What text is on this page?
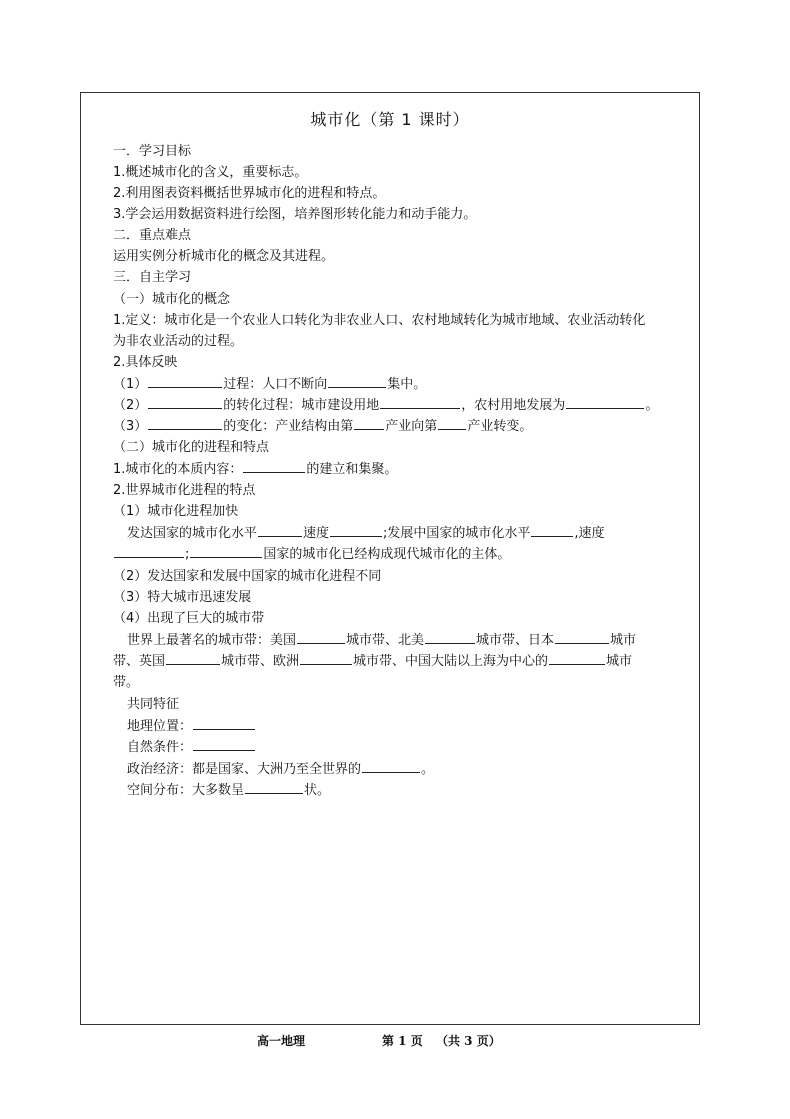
城市化（第 1 课时）
一．学习目标
1.概述城市化的含义，重要标志。
2.利用图表资料概括世界城市化的进程和特点。
3.学会运用数据资料进行绘图，培养图形转化能力和动手能力。
二．重点难点
运用实例分析城市化的概念及其进程。
三．自主学习
（一）城市化的概念
1.定义：城市化是一个农业人口转化为非农业人口、农村地域转化为城市地域、农业活动转化
为非农业活动的过程。
2.具体反映
（1）	过程：人口不断向	集中。
（2）	的转化过程：城市建设用地	，农村用地发展为	。
（3）	的变化：产业结构由第 产业向第 产业转变。
（二）城市化的进程和特点
1.城市化的本质内容：	的建立和集聚。
2.世界城市化进程的特点
（1）城市化进程加快
发达国家的城市化水平	速度	;发展中国家的城市化水平	,速度
;	国家的城市化已经构成现代城市化的主体。
（2）发达国家和发展中国家的城市化进程不同
（3）特大城市迅速发展
（4）出现了巨大的城市带
世界上最著名的城市带：美国	城市带、北美	城市带、日本	城市
带、英国	城市带、欧洲	城市带、中国大陆以上海为中心的	城市
带。
共同特征
地理位置：
自然条件：
政治经济：都是国家、大洲乃至全世界的	。
空间分布：大多数呈	状。
高一地理	第 1 页 （共 3 页）
